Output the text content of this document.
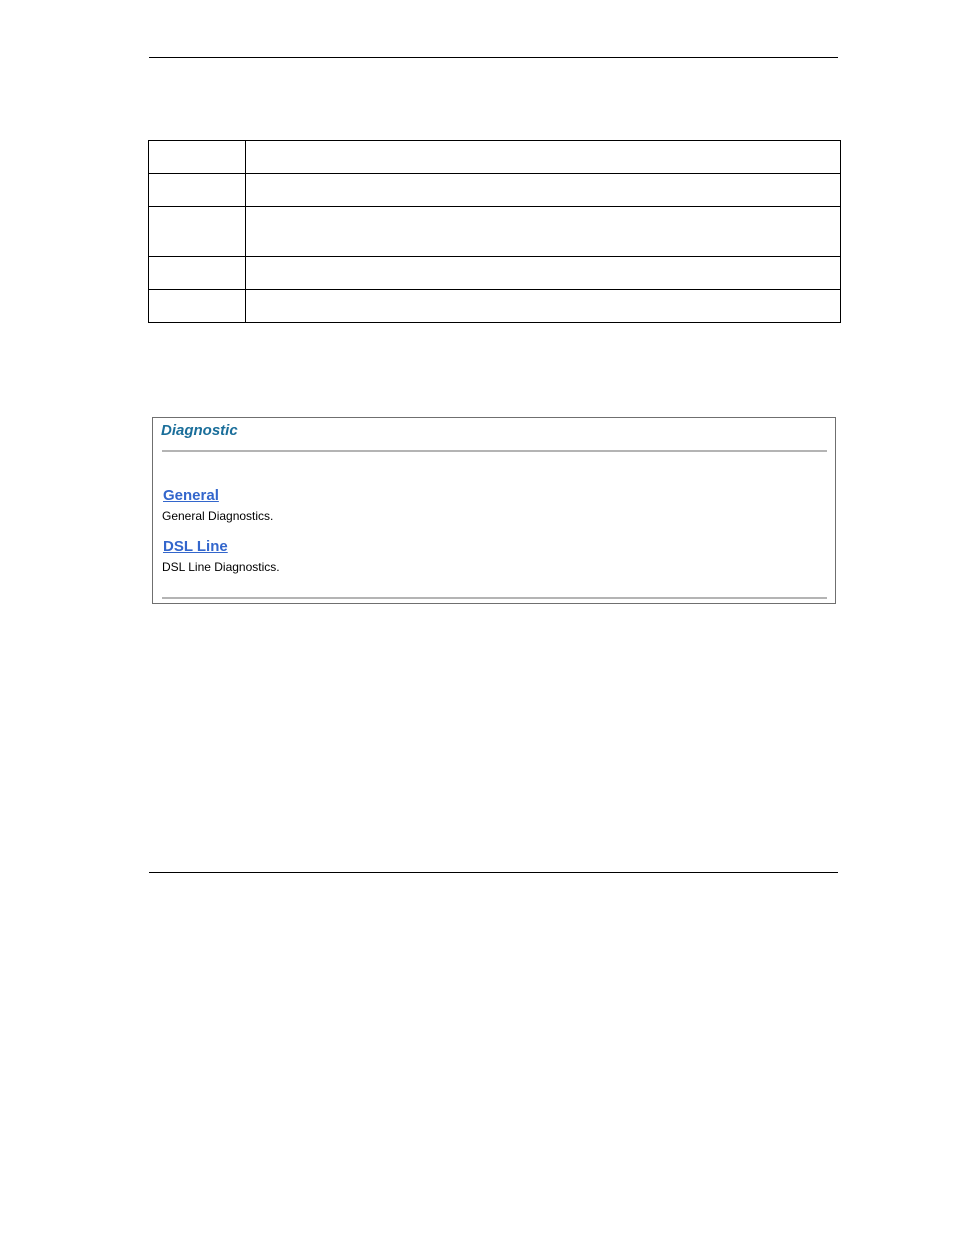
Diagnostic
General
General Diagnostics.
DSL Line
DSL Line Diagnostics.
